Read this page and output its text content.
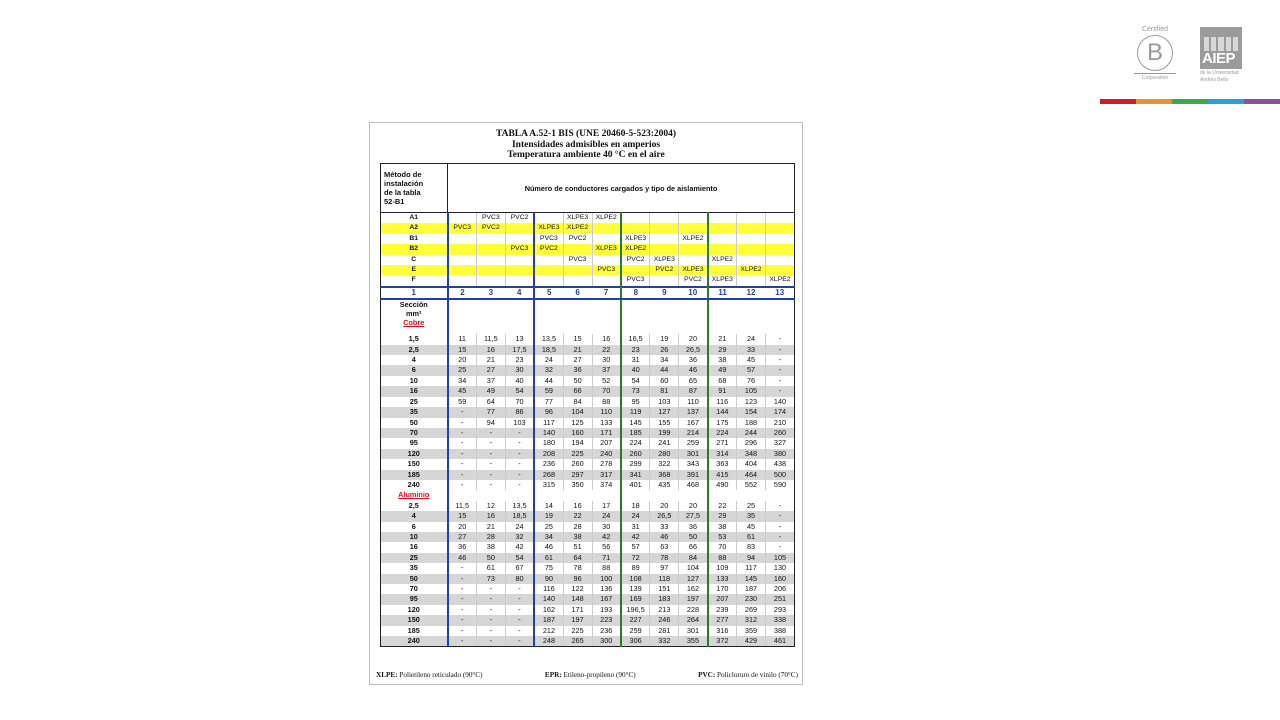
Certified
B
Corporation
AIEP
de la Universidad
Andrés Bello
TABLA A.52-1 BIS (UNE 20460-5-523:2004)
Intensidades admisibles en amperios
Temperatura ambiente 40 °C en el aire
Método de
instalación
de la tabla
52-B1	Número de conductores cargados y tipo de aislamiento											
A1		PVC3	PVC2		XLPE3	XLPE2						
A2	PVC3	PVC2		XLPE3	XLPE2							
B1				PVC3	PVC2		XLPE3		XLPE2			
B2			PVC3	PVC2		XLPE3	XLPE2					
C					PVC3		PVC2	XLPE3		XLPE2		
E						PVC3		PVC2	XLPE3		XLPE2	
F							PVC3		PVC2	XLPE3		XLPE2
1	2	3	4	5	6	7	8	9	10	11	12	13

Sección
mm²
Cobre												

1,5	11	11,5	13	13,5	15	16	16,5	19	20	21	24	-
2,5	15	16	17,5	18,5	21	22	23	26	26,5	29	33	-
4	20	21	23	24	27	30	31	34	36	38	45	-
6	25	27	30	32	36	37	40	44	46	49	57	-
10	34	37	40	44	50	52	54	60	65	68	76	-
16	45	49	54	59	66	70	73	81	87	91	105	-
25	59	64	70	77	84	88	95	103	110	116	123	140
35	-	77	86	96	104	110	119	127	137	144	154	174
50	-	94	103	117	125	133	145	155	167	175	188	210
70	-	-	-	140	160	171	185	199	214	224	244	260
95	-	-	-	180	194	207	224	241	259	271	296	327
120	-	-	-	208	225	240	260	280	301	314	348	380
150	-	-	-	236	260	278	299	322	343	363	404	438
185	-	-	-	268	297	317	341	368	391	415	464	500
240	-	-	-	315	350	374	401	435	468	490	552	590
Aluminio												
2,5	11,5	12	13,5	14	16	17	18	20	20	22	25	-
4	15	16	18,5	19	22	24	24	26,5	27,5	29	35	-
6	20	21	24	25	28	30	31	33	36	38	45	-
10	27	28	32	34	38	42	42	46	50	53	61	-
16	36	38	42	46	51	56	57	63	66	70	83	-
25	46	50	54	61	64	71	72	78	84	88	94	105
35	-	61	67	75	78	88	89	97	104	109	117	130
50	-	73	80	90	96	100	108	118	127	133	145	160
70	-	-	-	116	122	136	139	151	162	170	187	206
95	-	-	-	140	148	167	169	183	197	207	230	251
120	-	-	-	162	171	193	196,5	213	228	239	269	293
150	-	-	-	187	197	223	227	246	264	277	312	338
185	-	-	-	212	225	236	259	281	301	316	359	388
240	-	-	-	248	265	300	306	332	355	372	429	461
XLPE: Polietileno reticulado (90°C)	EPR: Etileno-propileno (90°C)	PVC: Policloruro de vinilo (70°C)
